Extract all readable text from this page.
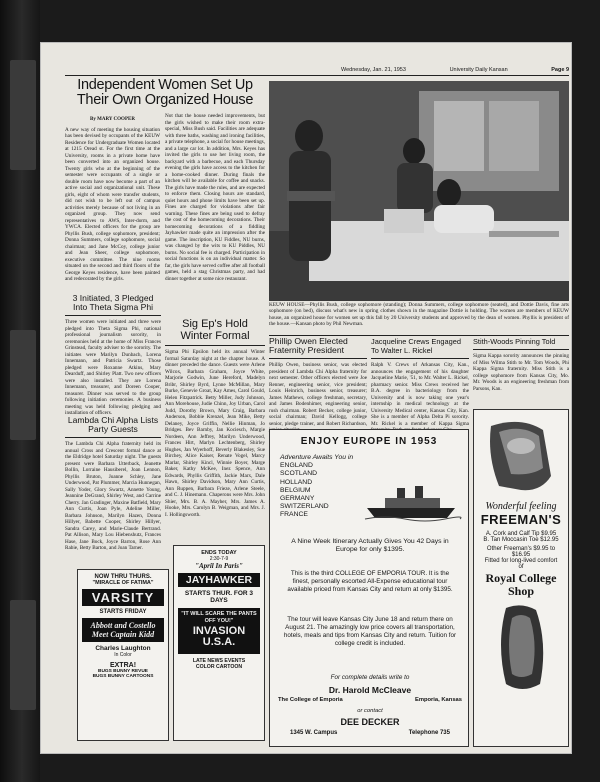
Wednesday, Jan. 21, 1953	University Daily Kansan	Page 9
Independent Women Set Up Their Own Organized House
By MARY COOPER
A new way of meeting the housing situation has been devised by occupants of the KEUW Residence for Undergraduate Women located at 1215 Oread st. For the first time at the University, rooms in a private home have been converted into an organized house. Twenty girls who at the beginning of the semester were occupants of a single or double room have now become a part of an active social and organizational unit. These girls, eight of whom were transfer students, did not wish to be left out of campus activities merely because of not living in an organized group. They now send representatives to AWS, Inter-dorm, and YWCA. Elected officers for the group are Phyllis Bush, college sophomore, president; Donna Summers, college sophomore, social chairman; and Jane McCoy, college junior and Jean Sheer, college sophomore, executive committee. The nine rooms situated on the second and third floors of the George Keyes residence, have been painted and redecorated by the girls.
Not that the house needed improvements, but the girls wished to make their room extra-special, Miss Bush said. Facilities are adequate with three baths, washing and ironing facilities, a private telephone, a social for house meetings, and a large car lot. In addition, Mrs. Keyes has invited the girls to use her living room, the backyard with a barbecue, and each Thursday evening the girls have access to the kitchen for a home-cooked dinner. During finals the kitchen will be available for coffee and snacks. The girls have made the rules, and are expected to enforce them. Closing hours are standard, quiet hours and phone limits have been set up. Fines are charged for violations after fair warning. These fines are being used to defray the cost of the homecoming decorations. Their homecoming decorations of a fiddling Jayhawker made quite an impression after the game. The inscription, KU Fiddles, NU burns, was changed by the wits to KU Piddles, NU burns. No social fee is charged. Participation in social functions is on an individual matter. So far, the girls have served coffee after all football games, held a stag Christmas party, and had dinner together at some nice restaurant.
KEUW HOUSE—Phyllis Bush, college sophomore (standing); Donna Summers, college sophomore (seated), and Dottie Davis, fine arts sophomore (on bed), discuss what's new in spring clothes shown in the magazine Dottie is holding. The women are members of KEUW house, an organized house for women set up this fall by 20 University students and approved by the dean of women. Phyllis is president of the house.—Kansan photo by Phil Newman.
3 Initiated, 3 Pledged Into Theta Sigma Phi
Three women were initiated and three were pledged into Theta Sigma Phi, national professional journalism sorority, in ceremonies held at the home of Miss Frances Grinstead, faculty adviser to the sorority. The initiates were Marilyn Dunbach, Lorena Innemann, and Patricia Swartz. Those pledged were Roxanne Atkins, Mary Dearduff, and Shirley Platt. Two new officers were also installed. They are Lorena Innemann, treasurer, and Doreen Cooper, treasurer. Dinner was served to the group following initiation ceremonies. A business meeting was held following pledging and installation of officers.
Lambda Chi Alpha Lists Party Guests
The Lambda Chi Alpha fraternity held its annual Cross and Crescent formal dance at the Eldridge hotel Saturday night. The guests present were Barbara Utterback, Jeanette Bollin, Lorraine Hausiberel, Joan Lennon, Phyllis Bruton, Joanne Schley, Jane Underwood, Pat Plummer, Marcia Hunnegan, Sally Yoder, Glory Swartz, Annette Young, Jeannine DeGrand, Shirley West, and Carrine Cherry. Jan Gradinger, Maxine Batfield, Mary Ann Curtis, Joan Pyle, Adeline Miller, Barbara Johnson, Marilyn Hazen, Donna Hillyer, Babette Cooper, Shirley Hillyer, Sandra Carey, and Marie-Claude Bertrand. Pat Allison, Mary Lou Hiebenshutz, Frances Hase, Jane Bock, Joyce Barron, Rose Ann Rabie, Betty Barton, and Joan Tarner.
Sig Ep's Hold Winter Formal
Sigma Phi Epsilon held its annual Winter formal Saturday night at the chapter house. A dinner preceded the dance. Guests were Arlene Wilcox, Barbara Graham, Joyce White, Marjorie Godwin, June Hereford, Madelyn Bribr, Shirley Byrd, Lynne McMillan, Mary Burke, Genevie Groat, Kay Ames, Carol Gould, Helen Fitzpatrick. Betty Miller, Judy Johnson, Ann Morehouse, Judie Chinn, Joy Urban, Carol Judd, Dorothy Brown, Mary Craig, Barbara Anderson, Bobbie Krenzel, Jean Mike, Betty Delaney, Joyce Griffin, Nellie Hinman, Jo Bridges. Bev Barnby, Jan Kociesch, Margie Nordeen, Ann Jeffrey, Marilyn Underwood, Frances Hirt, Marlyn Lechtenberg, Shirley Hughes, Jan Wyerhoff, Beverly Blakesley, Sue Birchey, Alice Kaiser, Renate Vogel, Marcy Marlar, Shirley Kincl, Winnie Boyer, Marge Baker, Kathy McKee, Inez Spence, Ann Edwards, Phyllis Griffith, Jackie Marx, Dale Hawn, Shirley Davidson, Mary Ann Curtis, Ann Ruppen, Barbara Frieze, Arlene Steele, and C. J. Hinemann. Chaperons were Mrs. John Shier, Mrs. B. A. Mayher, Mrs. James A. Hooke, Mrs. Carolyn B. Weigman, and Mrs. J. I. Hollingsworth.
Phillip Owen Elected Fraternity President
Phillip Owen, business senior, was elected president of Lambda Chi Alpha fraternity for next semester. Other officers elected were Joe Renner, engineering senior, vice president; Louis Heinrich, business senior, treasurer; James Mathews, college freshman, secretary, and James Bodenhimer, engineering senior, rush chairman. Robert Becker, college junior, social chairman; David Kellogg, college senior, pledge trainer, and Robert Richardson,
Jacqueline Crews Engaged To Walter L. Rickel
Ralph V. Crews of Arkansas City, Kan., announces the engagement of his daughter Jacqueline Marie, '51, to Mr. Walter L. Rickel, pharmacy senior. Miss Crews received her B.A. degree in bacteriology from the University and is now taking one year's internship in medical technology at the University Medical center, Kansas City, Kan. She is a member of Alpha Delta Pi sorority. Mr. Rickel is a member of Kappa Sigma
Stith-Woods Pinning Told
Sigma Kappa sorority announces the pinning of Miss Wilma Stith to Mr. Tom Woods, Phi Kappa Sigma fraternity. Miss Stith is a college sophomore from Kansas City, Mo. Mr. Woods is an engineering freshman from Parsons, Kan.
NOW THRU THURS.
"MIRACLE OF FATIMA"
VARSITY
STARTS FRIDAY
Abbott and Costello Meet Captain Kidd
Charles Laughton
In Color
EXTRA!
BUGS BUNNY REVUE
BUGS BUNNY CARTOONS
ENDS TODAY
2:30-7-9
"April In Paris"
JAYHAWKER
STARTS THUR. FOR 3 DAYS
"IT WILL SCARE THE PANTS OFF YOU!"
INVASION U.S.A.
LATE NEWS EVENTS
COLOR CARTOON
ENJOY EUROPE IN 1953
Adventure Awaits You in
ENGLAND
SCOTLAND
HOLLAND
BELGIUM
GERMANY
SWITZERLAND
FRANCE
A Nine Week Itinerary Actually Gives You 42 Days in Europe for only $1395.
This is the third COLLEGE OF EMPORIA TOUR. It is the finest, personally escorted All-Expense educational tour available priced from Kansas City and return at only $1395.
The tour will leave Kansas City June 18 and return there on August 21. The amazingly low price covers all transportation, hotels, meals and tips from Kansas City and return. Tuition for college credit is included.
For complete details write to
Dr. Harold McCleave
The College of Emporia	Emporia, Kansas
or contact
DEE DECKER
1345 W. Campus	Telephone 735
Wonderful feeling
FREEMAN'S
A. Cork and Calf Tip $9.95
B. Tan Moccasin Toe $12.95
Other Freeman's $9.95 to $16.95
Fitted for long-lived comfort of
Royal College Shop
